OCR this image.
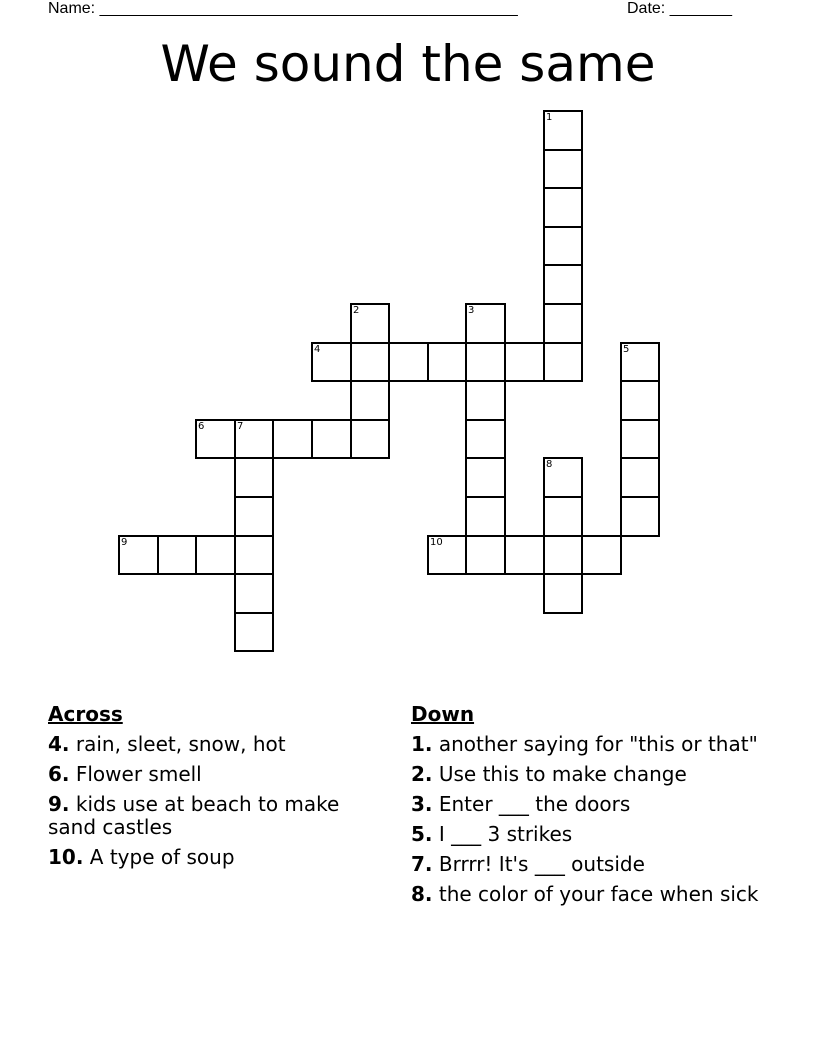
Name: _______________________________________________	Date: _______
We sound the same
1
2	3
4	5
6	7
8
9	10
Across
4. rain, sleet, snow, hot
6. Flower smell
9. kids use at beach to make sand castles
10. A type of soup
Down
1. another saying for "this or that"
2. Use this to make change
3. Enter ___ the doors
5. I ___ 3 strikes
7. Brrrr! It's ___ outside
8. the color of your face when sick
